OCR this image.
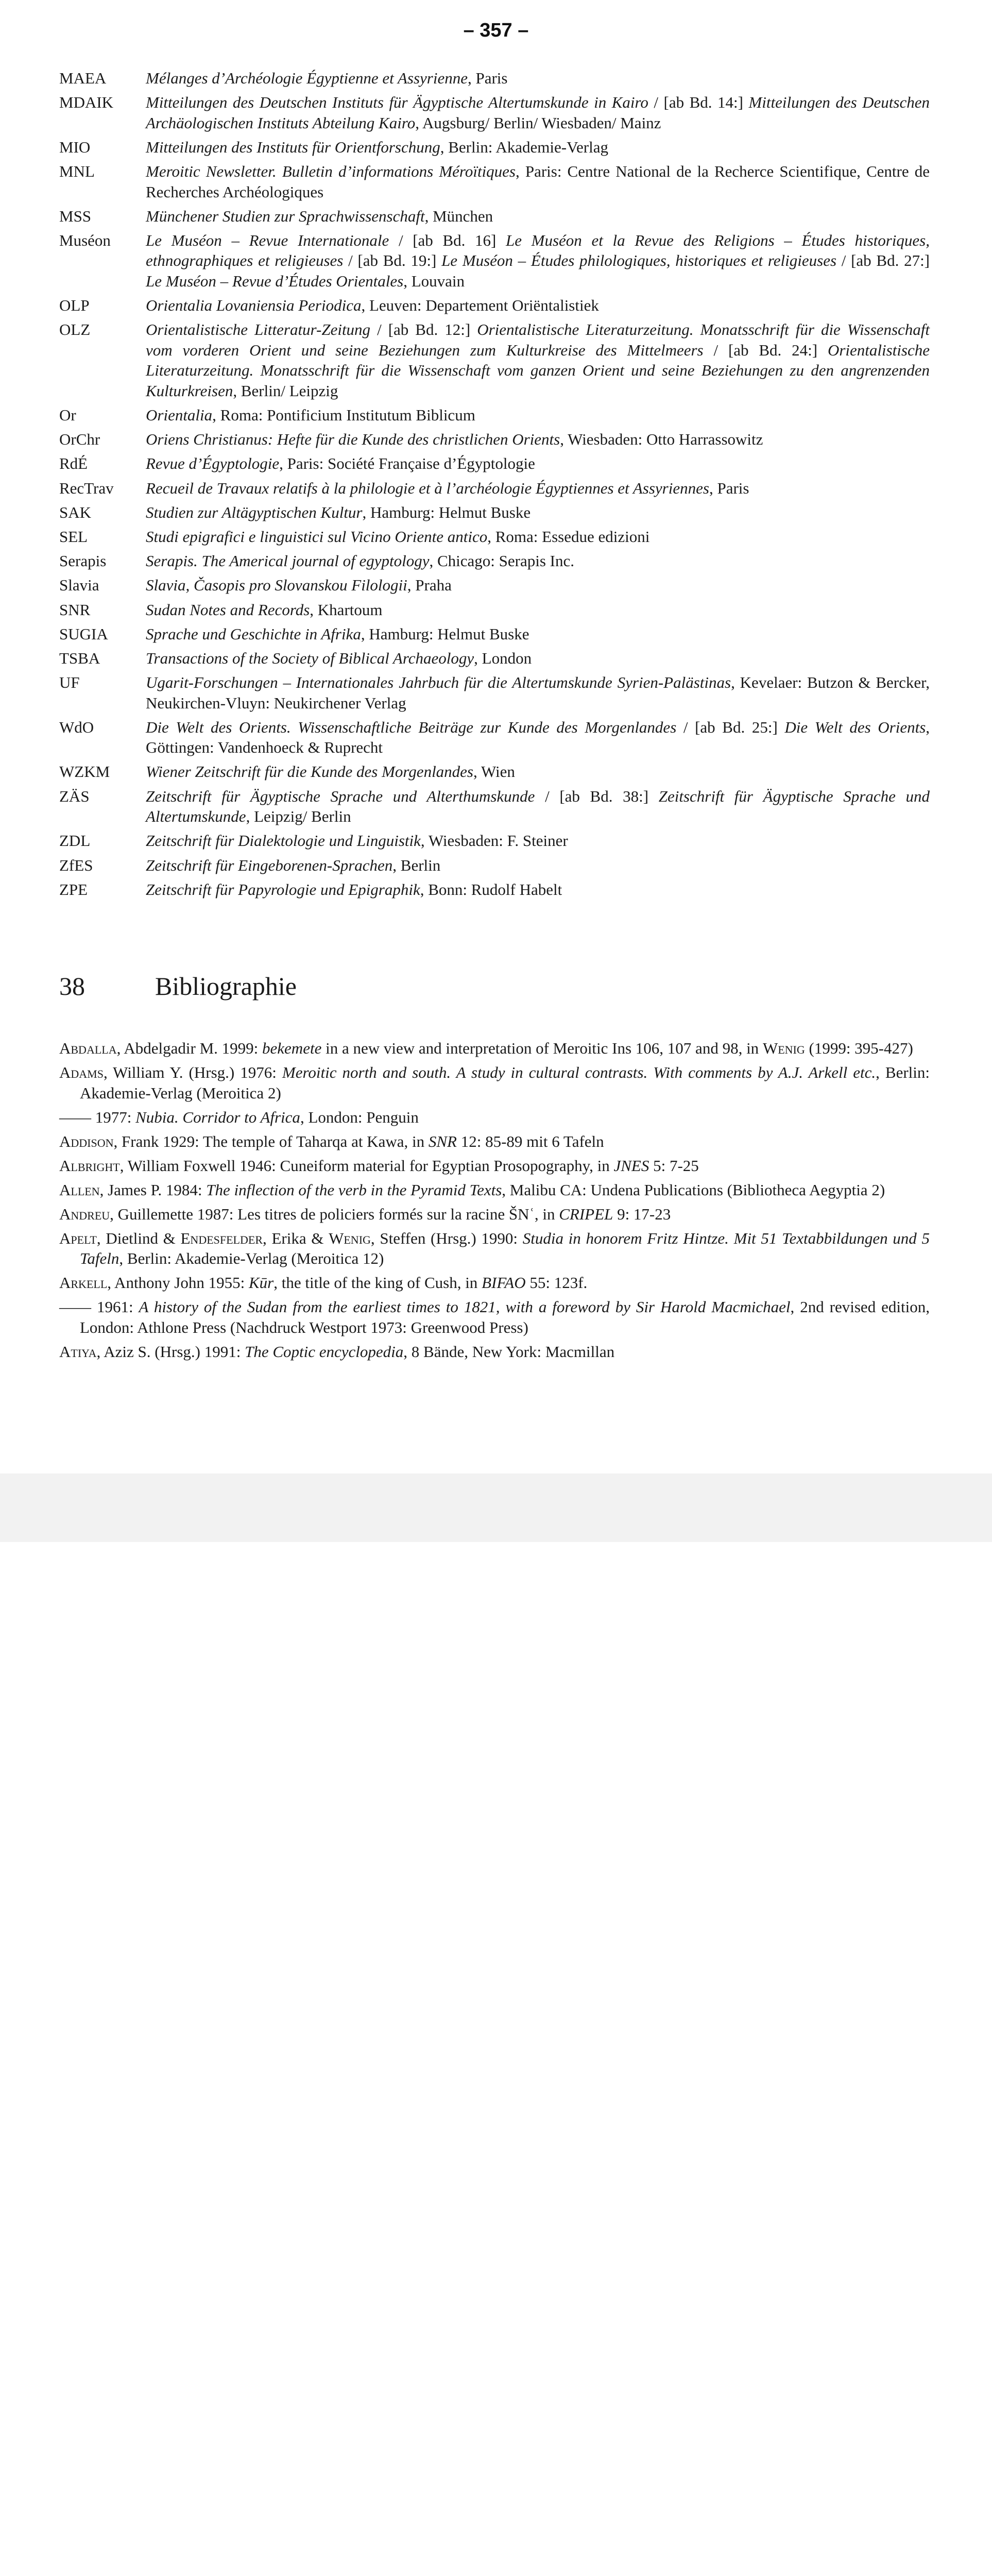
– 357 –
MAEA	Mélanges d’Archéologie Égyptienne et Assyrienne, Paris
MDAIK	Mitteilungen des Deutschen Instituts für Ägyptische Altertumskunde in Kairo / [ab Bd. 14:] Mitteilungen des Deutschen Archäologischen Instituts Abteilung Kairo, Augsburg/ Berlin/ Wiesbaden/ Mainz
MIO	Mitteilungen des Instituts für Orientforschung, Berlin: Akademie-Verlag
MNL	Meroitic Newsletter. Bulletin d’informations Méroïtiques, Paris: Centre National de la Recherce Scientifique, Centre de Recherches Archéologiques
MSS	Münchener Studien zur Sprachwissenschaft, München
Muséon	Le Muséon – Revue Internationale / [ab Bd. 16] Le Muséon et la Revue des Religions – Études historiques, ethnographiques et religieuses / [ab Bd. 19:] Le Muséon – Études philologiques, historiques et religieuses / [ab Bd. 27:] Le Muséon – Revue d’Études Orientales, Louvain
OLP	Orientalia Lovaniensia Periodica, Leuven: Departement Oriëntalistiek
OLZ	Orientalistische Litteratur-Zeitung / [ab Bd. 12:] Orientalistische Literaturzeitung. Monatsschrift für die Wissenschaft vom vorderen Orient und seine Beziehungen zum Kulturkreise des Mittelmeers / [ab Bd. 24:] Orientalistische Literaturzeitung. Monatsschrift für die Wissenschaft vom ganzen Orient und seine Beziehungen zu den angrenzenden Kulturkreisen, Berlin/ Leipzig
Or	Orientalia, Roma: Pontificium Institutum Biblicum
OrChr	Oriens Christianus: Hefte für die Kunde des christlichen Orients, Wiesbaden: Otto Harrassowitz
RdÉ	Revue d’Égyptologie, Paris: Société Française d’Égyptologie
RecTrav	Recueil de Travaux relatifs à la philologie et à l’archéologie Égyptiennes et Assyriennes, Paris
SAK	Studien zur Altägyptischen Kultur, Hamburg: Helmut Buske
SEL	Studi epigrafici e linguistici sul Vicino Oriente antico, Roma: Essedue edizioni
Serapis	Serapis. The Americal journal of egyptology, Chicago: Serapis Inc.
Slavia	Slavia, Časopis pro Slovanskou Filologii, Praha
SNR	Sudan Notes and Records, Khartoum
SUGIA	Sprache und Geschichte in Afrika, Hamburg: Helmut Buske
TSBA	Transactions of the Society of Biblical Archaeology, London
UF	Ugarit-Forschungen – Internationales Jahrbuch für die Altertumskunde Syrien-Palästinas, Kevelaer: Butzon & Bercker, Neukirchen-Vluyn: Neukirchener Verlag
WdO	Die Welt des Orients. Wissenschaftliche Beiträge zur Kunde des Morgenlandes / [ab Bd. 25:] Die Welt des Orients, Göttingen: Vandenhoeck & Ruprecht
WZKM	Wiener Zeitschrift für die Kunde des Morgenlandes, Wien
ZÄS	Zeitschrift für Ägyptische Sprache und Alterthumskunde / [ab Bd. 38:] Zeitschrift für Ägyptische Sprache und Altertumskunde, Leipzig/ Berlin
ZDL	Zeitschrift für Dialektologie und Linguistik, Wiesbaden: F. Steiner
ZfES	Zeitschrift für Eingeborenen-Sprachen, Berlin
ZPE	Zeitschrift für Papyrologie und Epigraphik, Bonn: Rudolf Habelt
38	Bibliographie
Abdalla, Abdelgadir M. 1999: bekemete in a new view and interpretation of Meroitic Ins 106, 107 and 98, in Wenig (1999: 395-427)
Adams, William Y. (Hrsg.) 1976: Meroitic north and south. A study in cultural contrasts. With comments by A.J. Arkell etc., Berlin: Akademie-Verlag (Meroitica 2)
—— 1977: Nubia. Corridor to Africa, London: Penguin
Addison, Frank 1929: The temple of Taharqa at Kawa, in SNR 12: 85-89 mit 6 Tafeln
Albright, William Foxwell 1946: Cuneiform material for Egyptian Prosopography, in JNES 5: 7-25
Allen, James P. 1984: The inflection of the verb in the Pyramid Texts, Malibu CA: Undena Publications (Bibliotheca Aegyptia 2)
Andreu, Guillemette 1987: Les titres de policiers formés sur la racine ŠNʿ, in CRIPEL 9: 17-23
Apelt, Dietlind & Endesfelder, Erika & Wenig, Steffen (Hrsg.) 1990: Studia in honorem Fritz Hintze. Mit 51 Textabbildungen und 5 Tafeln, Berlin: Akademie-Verlag (Meroitica 12)
Arkell, Anthony John 1955: Kūr, the title of the king of Cush, in BIFAO 55: 123f.
—— 1961: A history of the Sudan from the earliest times to 1821, with a foreword by Sir Harold Macmichael, 2nd revised edition, London: Athlone Press (Nachdruck Westport 1973: Greenwood Press)
Atiya, Aziz S. (Hrsg.) 1991: The Coptic encyclopedia, 8 Bände, New York: Macmillan
